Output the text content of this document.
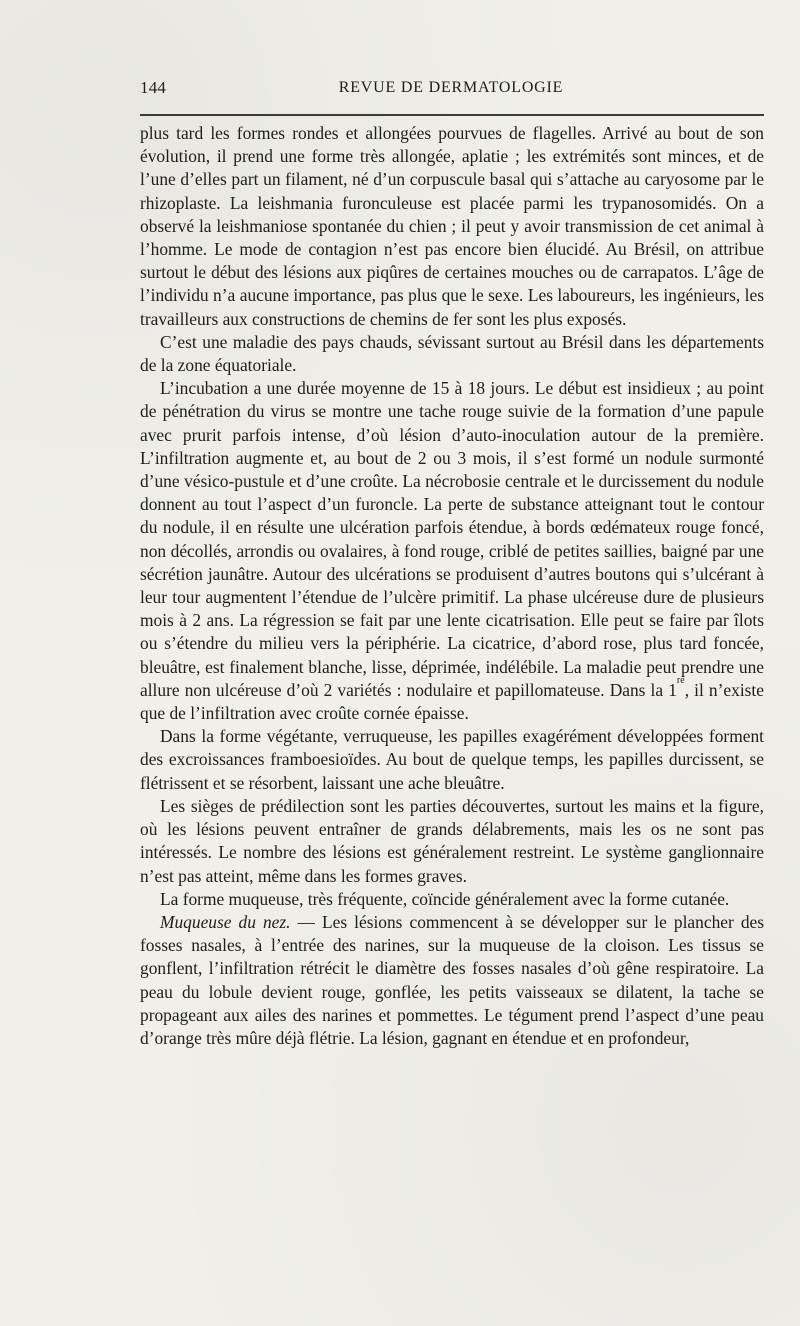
144	REVUE DE DERMATOLOGIE

plus tard les formes rondes et allongées pourvues de flagelles. Arrivé au bout de son évolution, il prend une forme très allongée, aplatie ; les extrémités sont minces, et de l’une d’elles part un filament, né d’un corpuscule basal qui s’attache au caryosome par le rhizoplaste. La leishmania furonculeuse est placée parmi les trypanosomidés. On a observé la leishmaniose spontanée du chien ; il peut y avoir transmission de cet animal à l’homme. Le mode de contagion n’est pas encore bien élucidé. Au Brésil, on attribue surtout le début des lésions aux piqûres de certaines mouches ou de carrapatos. L’âge de l’individu n’a aucune importance, pas plus que le sexe. Les laboureurs, les ingénieurs, les travailleurs aux constructions de chemins de fer sont les plus exposés.

C’est une maladie des pays chauds, sévissant surtout au Brésil dans les départements de la zone équatoriale.

L’incubation a une durée moyenne de 15 à 18 jours. Le début est insidieux ; au point de pénétration du virus se montre une tache rouge suivie de la formation d’une papule avec prurit parfois intense, d’où lésion d’auto-inoculation autour de la première. L’infiltration augmente et, au bout de 2 ou 3 mois, il s’est formé un nodule surmonté d’une vésico-pustule et d’une croûte. La nécrobosie centrale et le durcissement du nodule donnent au tout l’aspect d’un furoncle. La perte de substance atteignant tout le contour du nodule, il en résulte une ulcération parfois étendue, à bords œdémateux rouge foncé, non décollés, arrondis ou ovalaires, à fond rouge, criblé de petites saillies, baigné par une sécrétion jaunâtre. Autour des ulcérations se produisent d’autres boutons qui s’ulcérant à leur tour augmentent l’étendue de l’ulcère primitif. La phase ulcéreuse dure de plusieurs mois à 2 ans. La régression se fait par une lente cicatrisation. Elle peut se faire par îlots ou s’étendre du milieu vers la périphérie. La cicatrice, d’abord rose, plus tard foncée, bleuâtre, est finalement blanche, lisse, déprimée, indélébile. La maladie peut prendre une allure non ulcéreuse d’où 2 variétés : nodulaire et papillomateuse. Dans la 1re, il n’existe que de l’infiltration avec croûte cornée épaisse.

Dans la forme végétante, verruqueuse, les papilles exagérément développées forment des excroissances framboesioïdes. Au bout de quelque temps, les papilles durcissent, se flétrissent et se résorbent, laissant une ache bleuâtre.

Les sièges de prédilection sont les parties découvertes, surtout les mains et la figure, où les lésions peuvent entraîner de grands délabrements, mais les os ne sont pas intéressés. Le nombre des lésions est généralement restreint. Le système ganglionnaire n’est pas atteint, même dans les formes graves.

La forme muqueuse, très fréquente, coïncide généralement avec la forme cutanée.

Muqueuse du nez. — Les lésions commencent à se développer sur le plancher des fosses nasales, à l’entrée des narines, sur la muqueuse de la cloison. Les tissus se gonflent, l’infiltration rétrécit le diamètre des fosses nasales d’où gêne respiratoire. La peau du lobule devient rouge, gonflée, les petits vaisseaux se dilatent, la tache se propageant aux ailes des narines et pommettes. Le tégument prend l’aspect d’une peau d’orange très mûre déjà flétrie. La lésion, gagnant en étendue et en profondeur,
